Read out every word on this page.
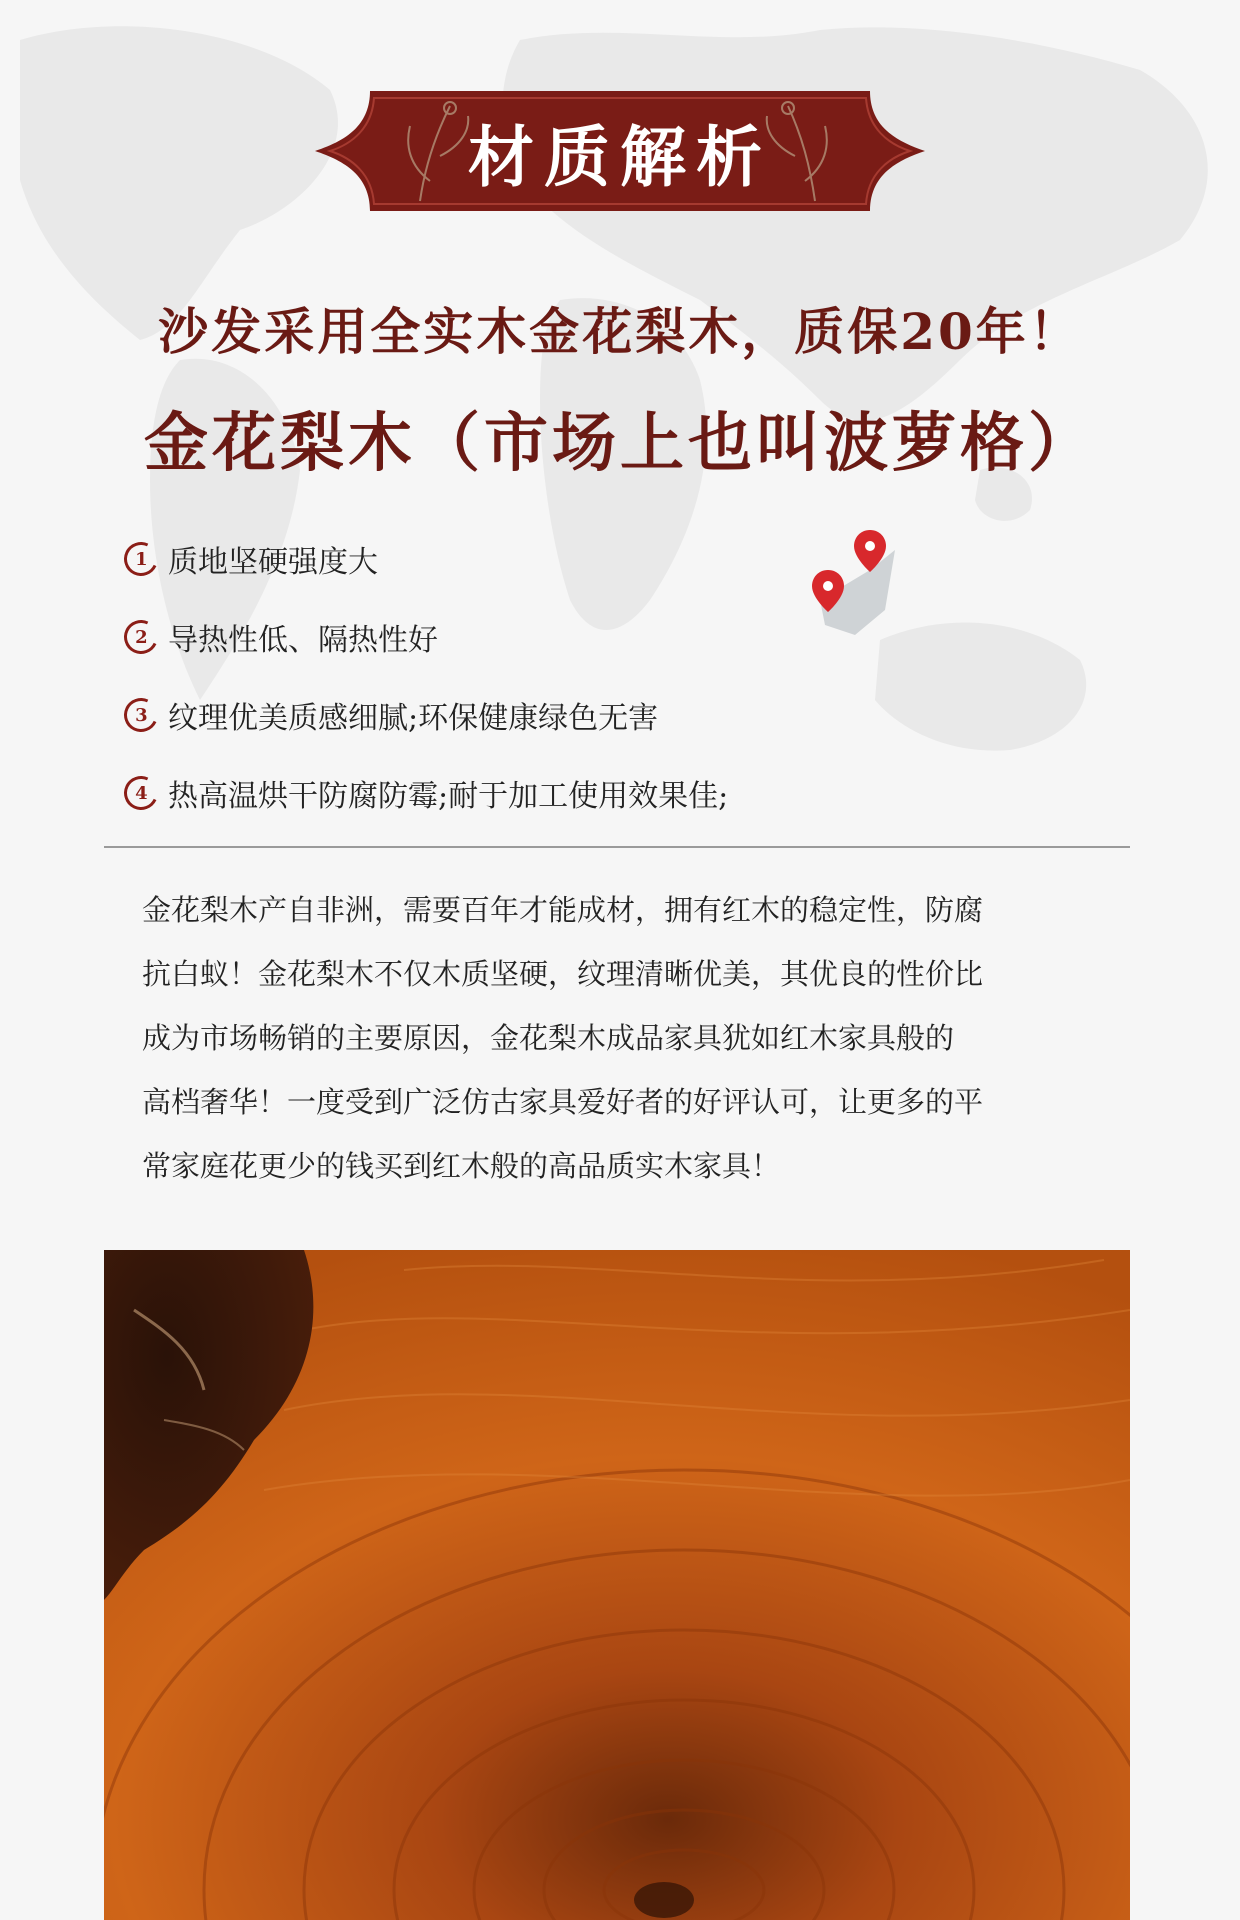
材质解析
沙发采用全实木金花梨木，质保20年！
金花梨木（市场上也叫波萝格）
1 质地坚硬强度大
2 导热性低、隔热性好
3 纹理优美质感细腻;环保健康绿色无害
4 热高温烘干防腐防霉;耐于加工使用效果佳;
金花梨木产自非洲，需要百年才能成材，拥有红木的稳定性，防腐
抗白蚁！金花梨木不仅木质坚硬，纹理清晰优美，其优良的性价比
成为市场畅销的主要原因，金花梨木成品家具犹如红木家具般的
高档奢华！一度受到广泛仿古家具爱好者的好评认可，让更多的平
常家庭花更少的钱买到红木般的高品质实木家具！
